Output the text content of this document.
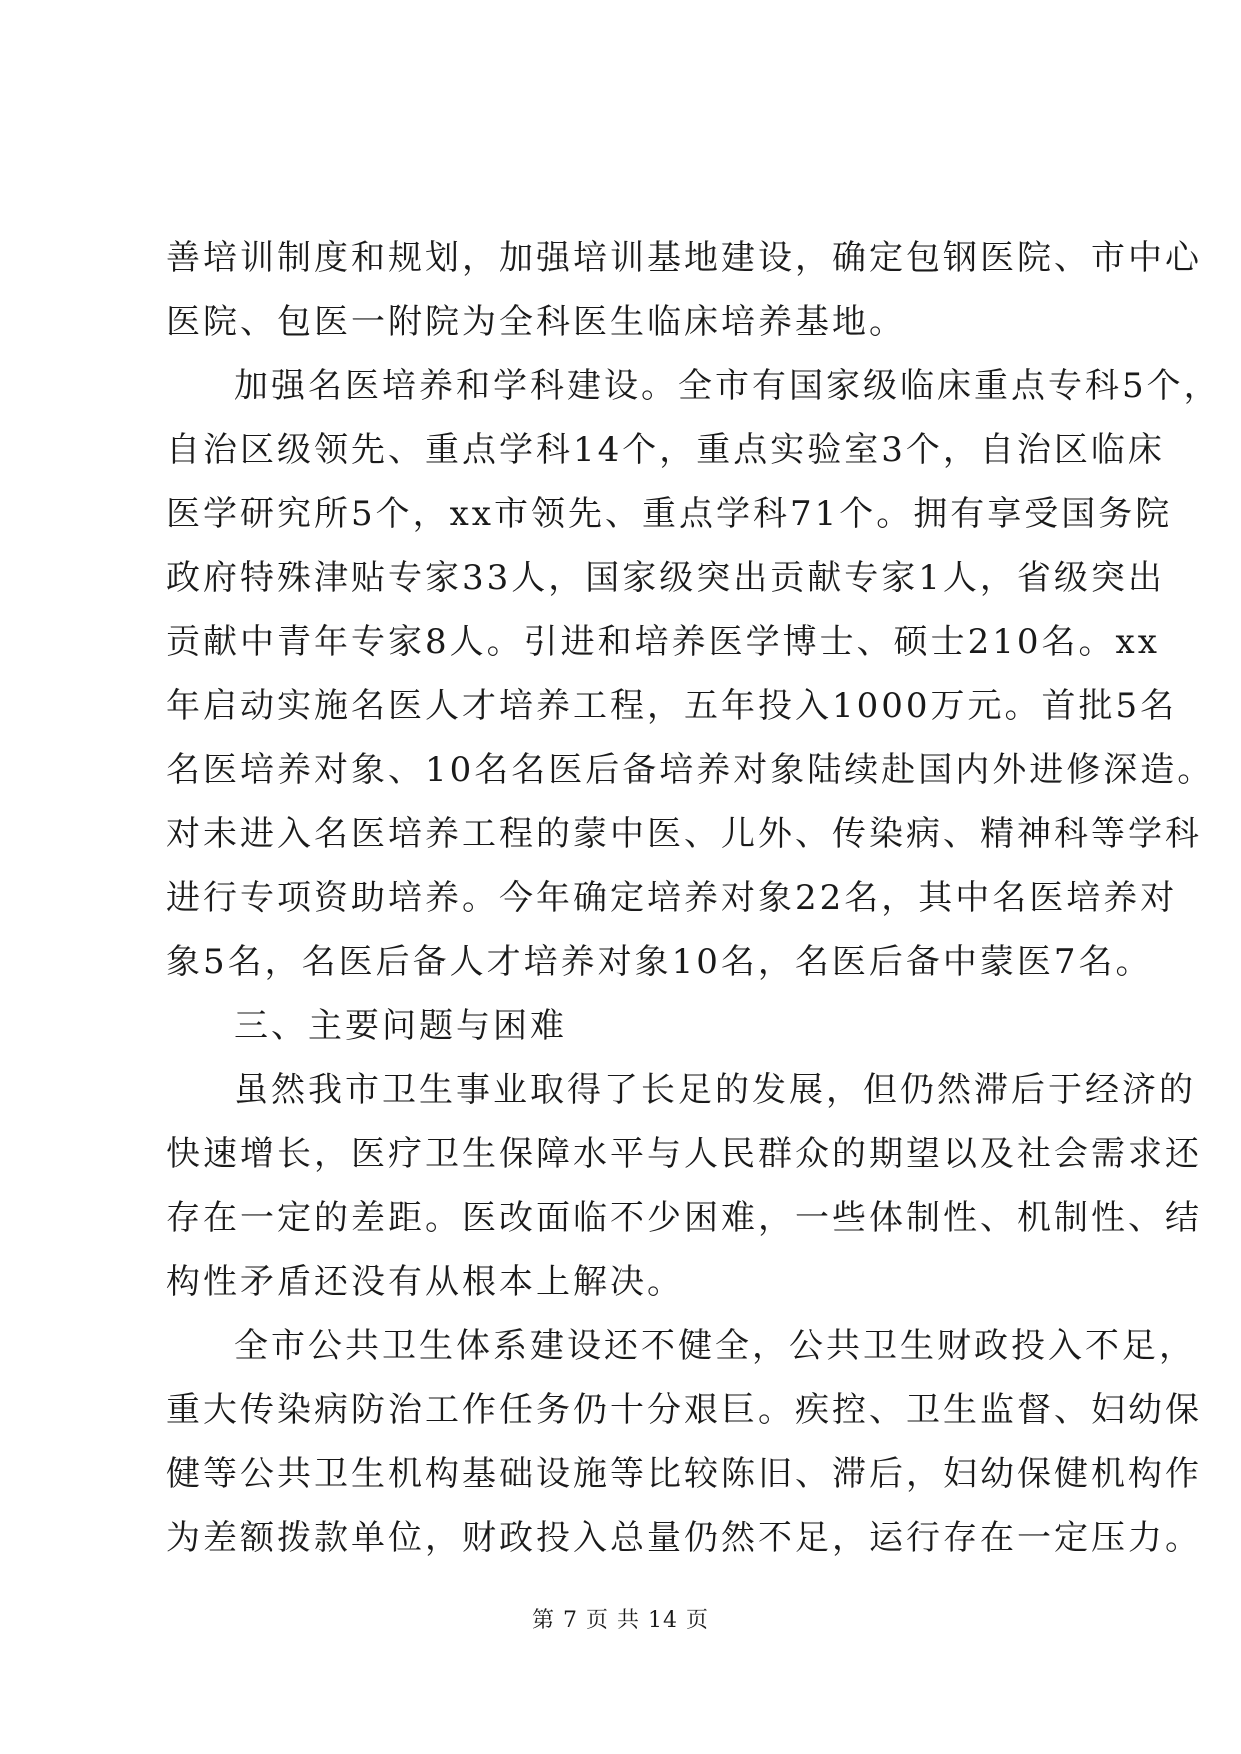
善培训制度和规划，加强培训基地建设，确定包钢医院、市中心
医院、包医一附院为全科医生临床培养基地。
加强名医培养和学科建设。全市有国家级临床重点专科5个，
自治区级领先、重点学科14个，重点实验室3个，自治区临床
医学研究所5个，xx市领先、重点学科71个。拥有享受国务院
政府特殊津贴专家33人，国家级突出贡献专家1人，省级突出
贡献中青年专家8人。引进和培养医学博士、硕士210名。xx
年启动实施名医人才培养工程，五年投入1000万元。首批5名
名医培养对象、10名名医后备培养对象陆续赴国内外进修深造。
对未进入名医培养工程的蒙中医、儿外、传染病、精神科等学科
进行专项资助培养。今年确定培养对象22名，其中名医培养对
象5名，名医后备人才培养对象10名，名医后备中蒙医7名。
三、主要问题与困难
虽然我市卫生事业取得了长足的发展，但仍然滞后于经济的
快速增长，医疗卫生保障水平与人民群众的期望以及社会需求还
存在一定的差距。医改面临不少困难，一些体制性、机制性、结
构性矛盾还没有从根本上解决。
全市公共卫生体系建设还不健全，公共卫生财政投入不足，
重大传染病防治工作任务仍十分艰巨。疾控、卫生监督、妇幼保
健等公共卫生机构基础设施等比较陈旧、滞后，妇幼保健机构作
为差额拨款单位，财政投入总量仍然不足，运行存在一定压力。
第 7 页 共 14 页
